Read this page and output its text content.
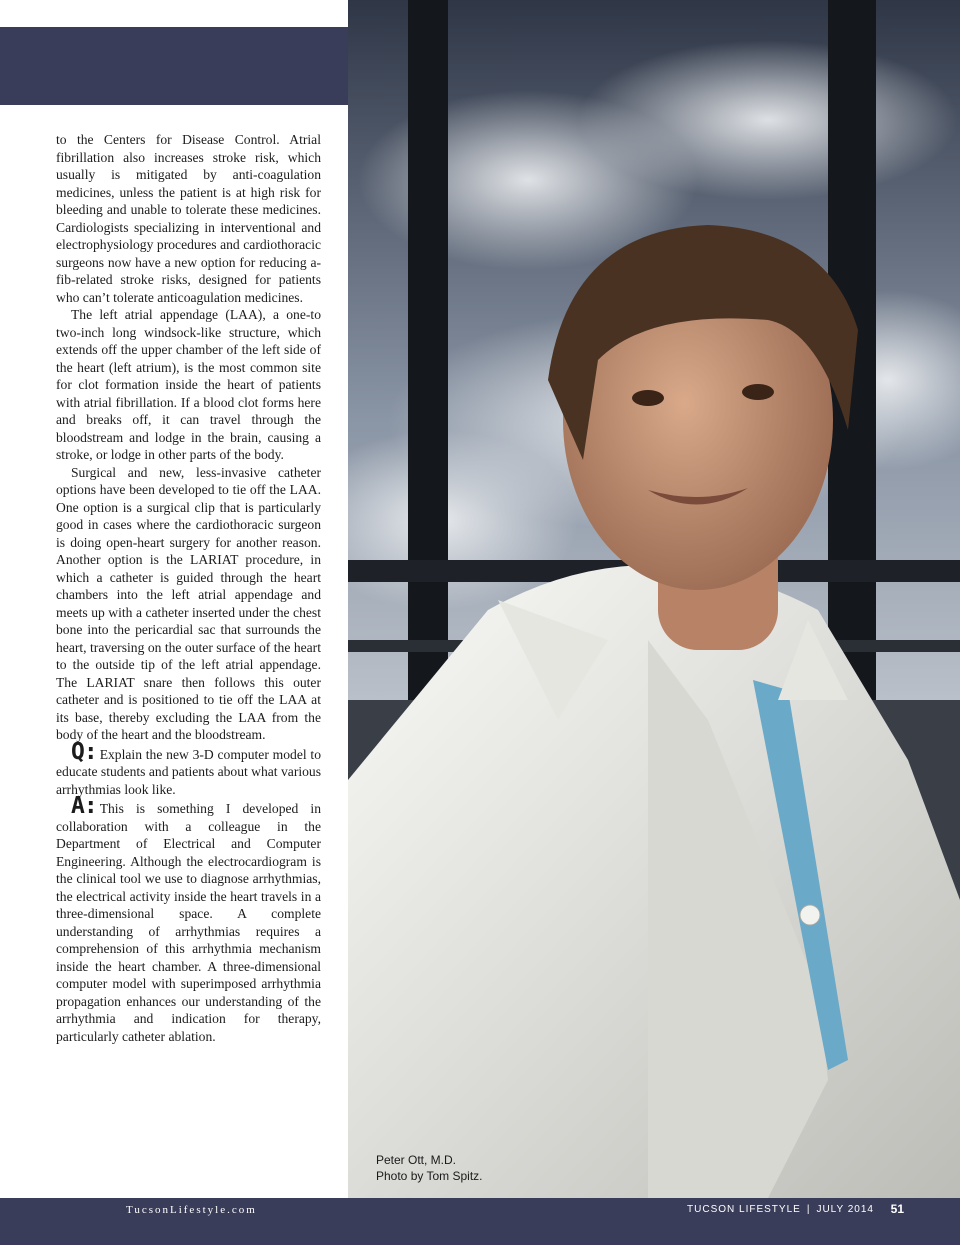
to the Centers for Disease Control. Atrial fibrillation also increases stroke risk, which usually is mitigated by anti-coagulation medicines, unless the patient is at high risk for bleeding and unable to tolerate these medicines. Cardiologists specializing in interventional and electrophysiology procedures and cardiothoracic surgeons now have a new option for reducing a-fib-related stroke risks, designed for patients who can’t tolerate anticoagulation medicines.

The left atrial appendage (LAA), a one-to two-inch long windsock-like structure, which extends off the upper chamber of the left side of the heart (left atrium), is the most common site for clot formation inside the heart of patients with atrial fibrillation. If a blood clot forms here and breaks off, it can travel through the bloodstream and lodge in the brain, causing a stroke, or lodge in other parts of the body.

Surgical and new, less-invasive catheter options have been developed to tie off the LAA. One option is a surgical clip that is particularly good in cases where the cardiothoracic surgeon is doing open-heart surgery for another reason. Another option is the LARIAT procedure, in which a catheter is guided through the heart chambers into the left atrial appendage and meets up with a catheter inserted under the chest bone into the pericardial sac that surrounds the heart, traversing on the outer surface of the heart to the outside tip of the left atrial appendage. The LARIAT snare then follows this outer catheter and is positioned to tie off the LAA at its base, thereby excluding the LAA from the body of the heart and the bloodstream.

Q: Explain the new 3-D computer model to educate students and patients about what various arrhythmias look like.

A: This is something I developed in collaboration with a colleague in the Department of Electrical and Computer Engineering. Although the electrocardiogram is the clinical tool we use to diagnose arrhythmias, the electrical activity inside the heart travels in a three-dimensional space. A complete understanding of arrhythmias requires a comprehension of this arrhythmia mechanism inside the heart chamber. A three-dimensional computer model with superimposed arrhythmia propagation enhances our understanding of the arrhythmia and indication for therapy, particularly catheter ablation.

Peter Ott, M.D.
Photo by Tom Spitz.
TucsonLifestyle.com	TUCSON LIFESTYLE | JULY 2014 51
